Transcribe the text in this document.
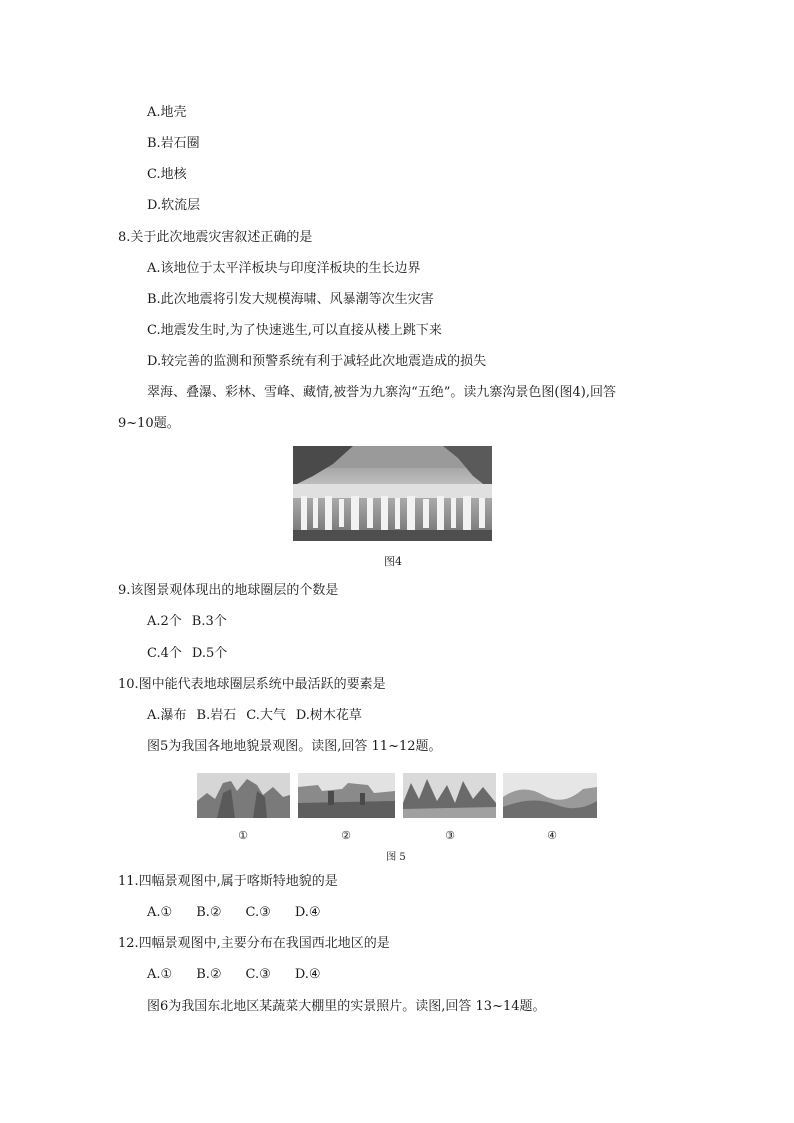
A.地壳
B.岩石圈
C.地核
D.软流层
8.关于此次地震灾害叙述正确的是
A.该地位于太平洋板块与印度洋板块的生长边界
B.此次地震将引发大规模海啸、风暴潮等次生灾害
C.地震发生时,为了快速逃生,可以直接从楼上跳下来
D.较完善的监测和预警系统有利于减轻此次地震造成的损失
翠海、叠瀑、彩林、雪峰、藏情,被誉为九寨沟“五绝”。读九寨沟景色图(图4),回答
9~10题。
图4
9.该图景观体现出的地球圈层的个数是
A.2个 B.3个
C.4个 D.5个
10.图中能代表地球圈层系统中最活跃的要素是
A.瀑布 B.岩石 C.大气 D.树木花草
图5为我国各地地貌景观图。读图,回答 11~12题。
①	②	③	④
图 5
11.四幅景观图中,属于喀斯特地貌的是
A.① B.② C.③ D.④
12.四幅景观图中,主要分布在我国西北地区的是
A.① B.② C.③ D.④
图6为我国东北地区某蔬菜大棚里的实景照片。读图,回答 13~14题。
